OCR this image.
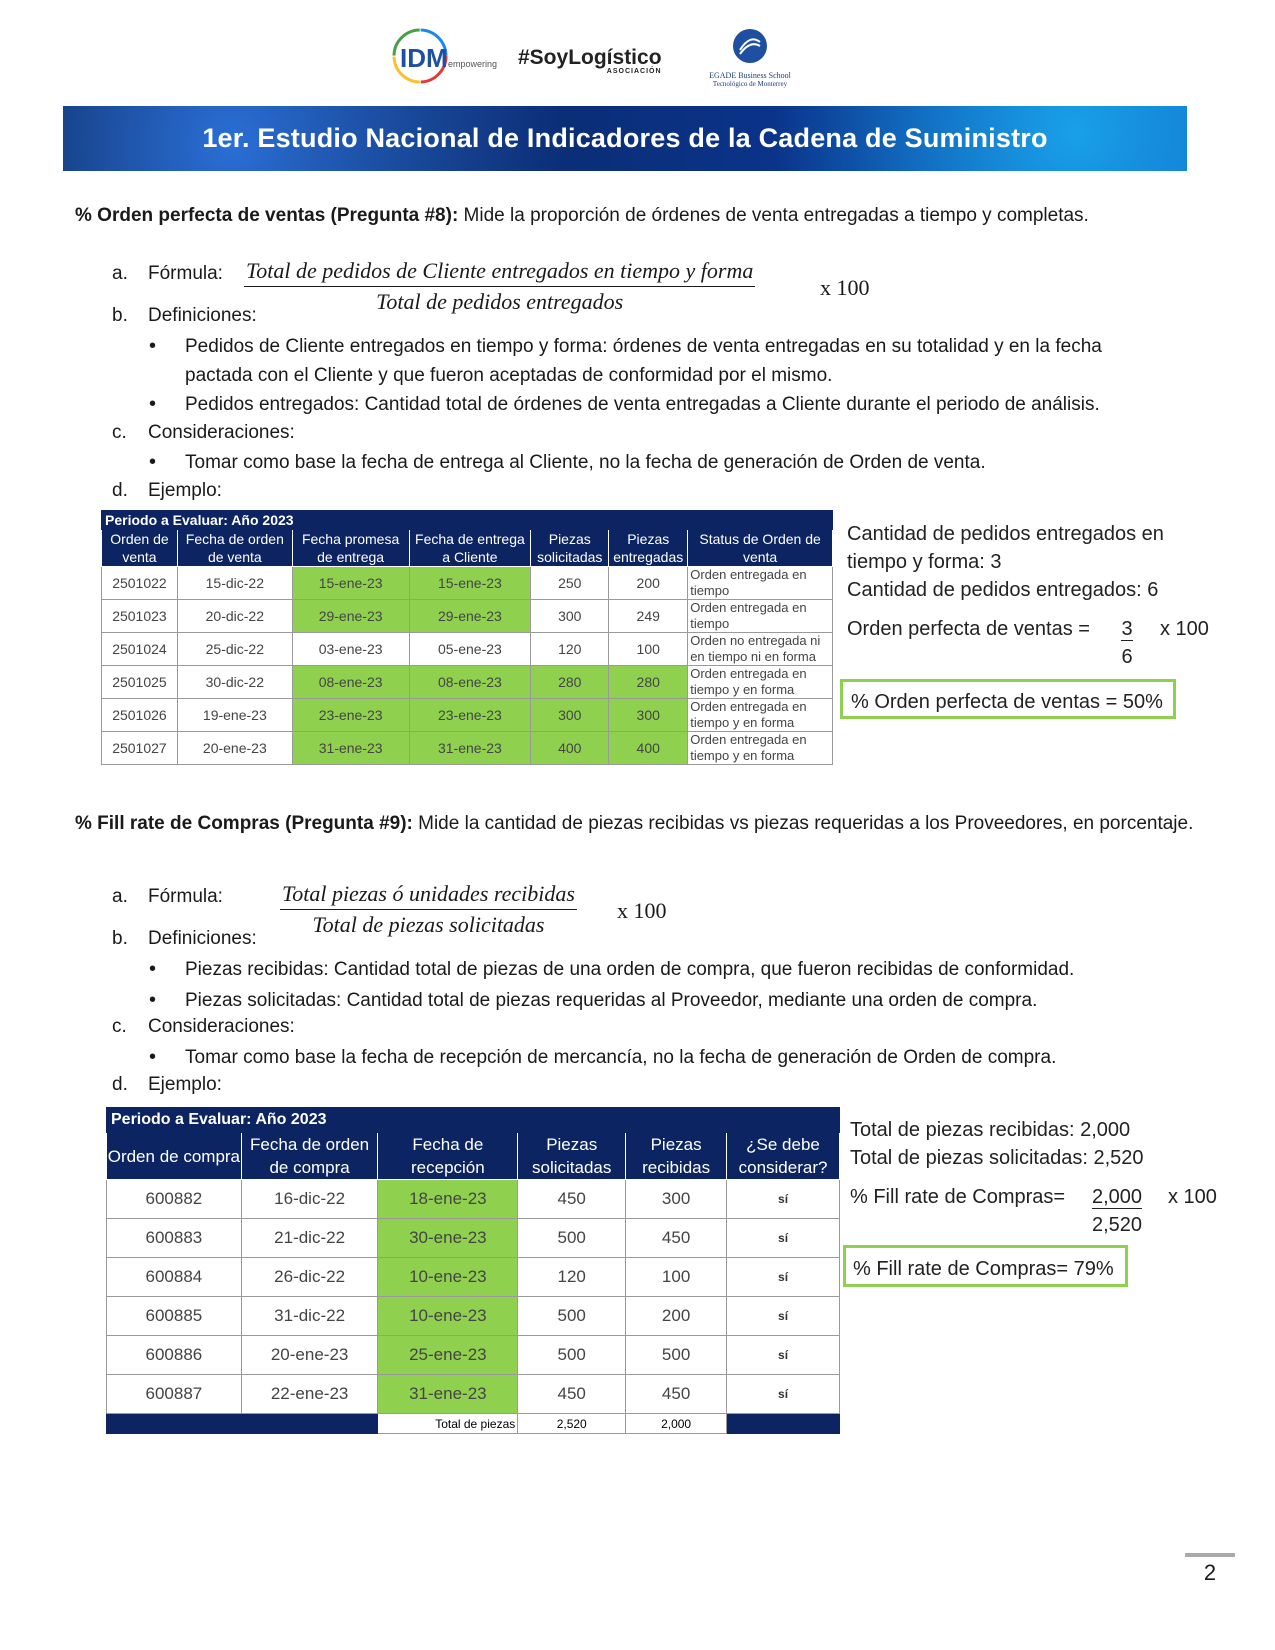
IDM empowering #SoyLogístico
ASOCIACIÓN	EGADE Business School
Tecnológico de Monterrey
1er. Estudio Nacional de Indicadores de la Cadena de Suministro
% Orden perfecta de ventas (Pregunta #8): Mide la proporción de órdenes de venta entregadas a tiempo y completas.
a. Fórmula: Total de pedidos de Cliente entregados en tiempo y forma
Total de pedidos entregados
x 100
b. Definiciones:
• Pedidos de Cliente entregados en tiempo y forma: órdenes de venta entregadas en su totalidad y en la fecha pactada con el Cliente y que fueron aceptadas de conformidad por el mismo.
• Pedidos entregados: Cantidad total de órdenes de venta entregadas a Cliente durante el periodo de análisis.
c. Consideraciones:
• Tomar como base la fecha de entrega al Cliente, no la fecha de generación de Orden de venta.
d. Ejemplo:
Periodo a Evaluar: Año 2023						
Orden de venta	Fecha de orden de venta	Fecha promesa de entrega	Fecha de entrega a Cliente	Piezas solicitadas	Piezas entregadas	Status de Orden de venta
2501022	15-dic-22	15-ene-23	15-ene-23	250	200	Orden entregada en tiempo
2501023	20-dic-22	29-ene-23	29-ene-23	300	249	Orden entregada en tiempo
2501024	25-dic-22	03-ene-23	05-ene-23	120	100	Orden no entregada ni en tiempo ni en forma
2501025	30-dic-22	08-ene-23	08-ene-23	280	280	Orden entregada en tiempo y en forma
2501026	19-ene-23	23-ene-23	23-ene-23	300	300	Orden entregada en tiempo y en forma
2501027	20-ene-23	31-ene-23	31-ene-23	400	400	Orden entregada en tiempo y en forma
Cantidad de pedidos entregados en
tiempo y forma: 3
Cantidad de pedidos entregados: 6
Orden perfecta de ventas =	3	x 100
6
% Orden perfecta de ventas = 50%
% Fill rate de Compras (Pregunta #9): Mide la cantidad de piezas recibidas vs piezas requeridas a los Proveedores, en porcentaje.
a. Fórmula:	Total piezas ó unidades recibidas
Total de piezas solicitadas
x 100
b. Definiciones:
• Piezas recibidas: Cantidad total de piezas de una orden de compra, que fueron recibidas de conformidad.
• Piezas solicitadas: Cantidad total de piezas requeridas al Proveedor, mediante una orden de compra.
c. Consideraciones:
• Tomar como base la fecha de recepción de mercancía, no la fecha de generación de Orden de compra.
d. Ejemplo:
Periodo a Evaluar: Año 2023					
Orden de compra	Fecha de orden de compra	Fecha de recepción	Piezas solicitadas	Piezas recibidas	¿Se debe considerar?
600882	16-dic-22	18-ene-23	450	300	sí
600883	21-dic-22	30-ene-23	500	450	sí
600884	26-dic-22	10-ene-23	120	100	sí
600885	31-dic-22	10-ene-23	500	200	sí
600886	20-ene-23	25-ene-23	500	500	sí
600887	22-ene-23	31-ene-23	450	450	sí
		Total de piezas	2,520	2,000	
Total de piezas recibidas: 2,000
Total de piezas solicitadas: 2,520
% Fill rate de Compras=	2,000	x 100
2,520
% Fill rate de Compras= 79%
2
